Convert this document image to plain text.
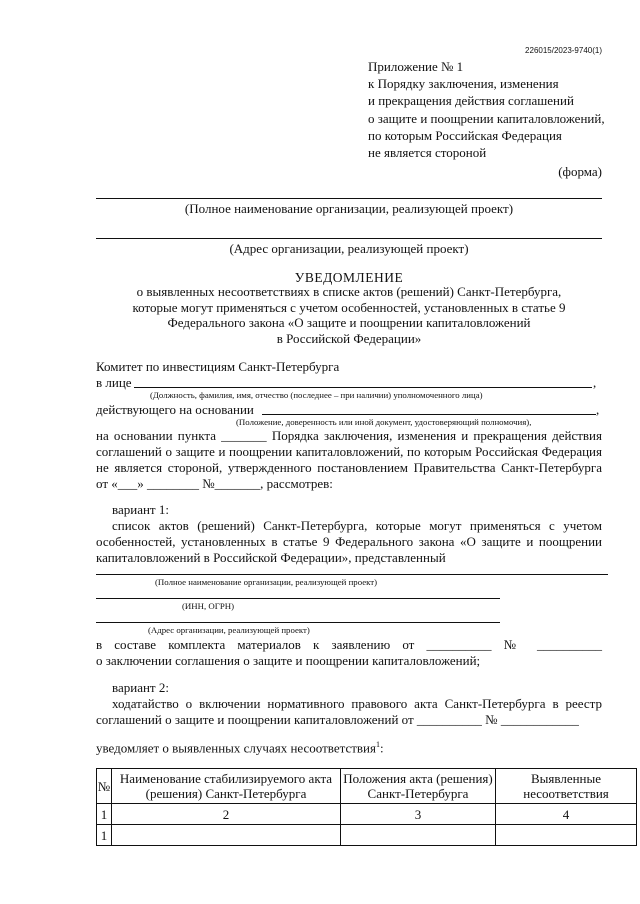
226015/2023-9740(1)
Приложение № 1
к Порядку заключения, изменения
и прекращения действия соглашений
о защите и поощрении капиталовложений,
по которым Российская Федерация
не является стороной
(форма)
(Полное наименование организации, реализующей проект)
(Адрес организации, реализующей проект)
УВЕДОМЛЕНИЕ
о выявленных несоответствиях в списке актов (решений) Санкт-Петербурга,
которые могут применяться с учетом особенностей, установленных в статье 9
Федерального закона «О защите и поощрении капиталовложений
в Российской Федерации»
Комитет по инвестициям Санкт-Петербурга
в лице	,
(Должность, фамилия, имя, отчество (последнее – при наличии) уполномоченного лица)
действующего на основании	,
(Положение, доверенность или иной документ, удостоверяющий полномочия),
на основании пункта _______ Порядка заключения, изменения и прекращения действия
соглашений о защите и поощрении капиталовложений, по которым Российская Федерация
не является стороной, утвержденного постановлением Правительства Санкт-Петербурга
от «___» ________ №_______, рассмотрев:
вариант 1:
список актов (решений) Санкт-Петербурга, которые могут применяться с учетом
особенностей, установленных в статье 9 Федерального закона «О защите и поощрении
капиталовложений в Российской Федерации», представленный
(Полное наименование организации, реализующей проект)
(ИНН, ОГРН)
(Адрес организации, реализующей проект)
в составе комплекта материалов к заявлению от __________ № __________
о заключении соглашения о защите и поощрении капиталовложений;
вариант 2:
ходатайство о включении нормативного правового акта Санкт-Петербурга в реестр
соглашений о защите и поощрении капиталовложений от __________ № ____________
уведомляет о выявленных случаях несоответствия$^1$:
№	Наименование стабилизируемого акта (решения) Санкт-Петербурга	Положения акта (решения) Санкт-Петербурга	Выявленные несоответствия
1	2	3	4
1			
